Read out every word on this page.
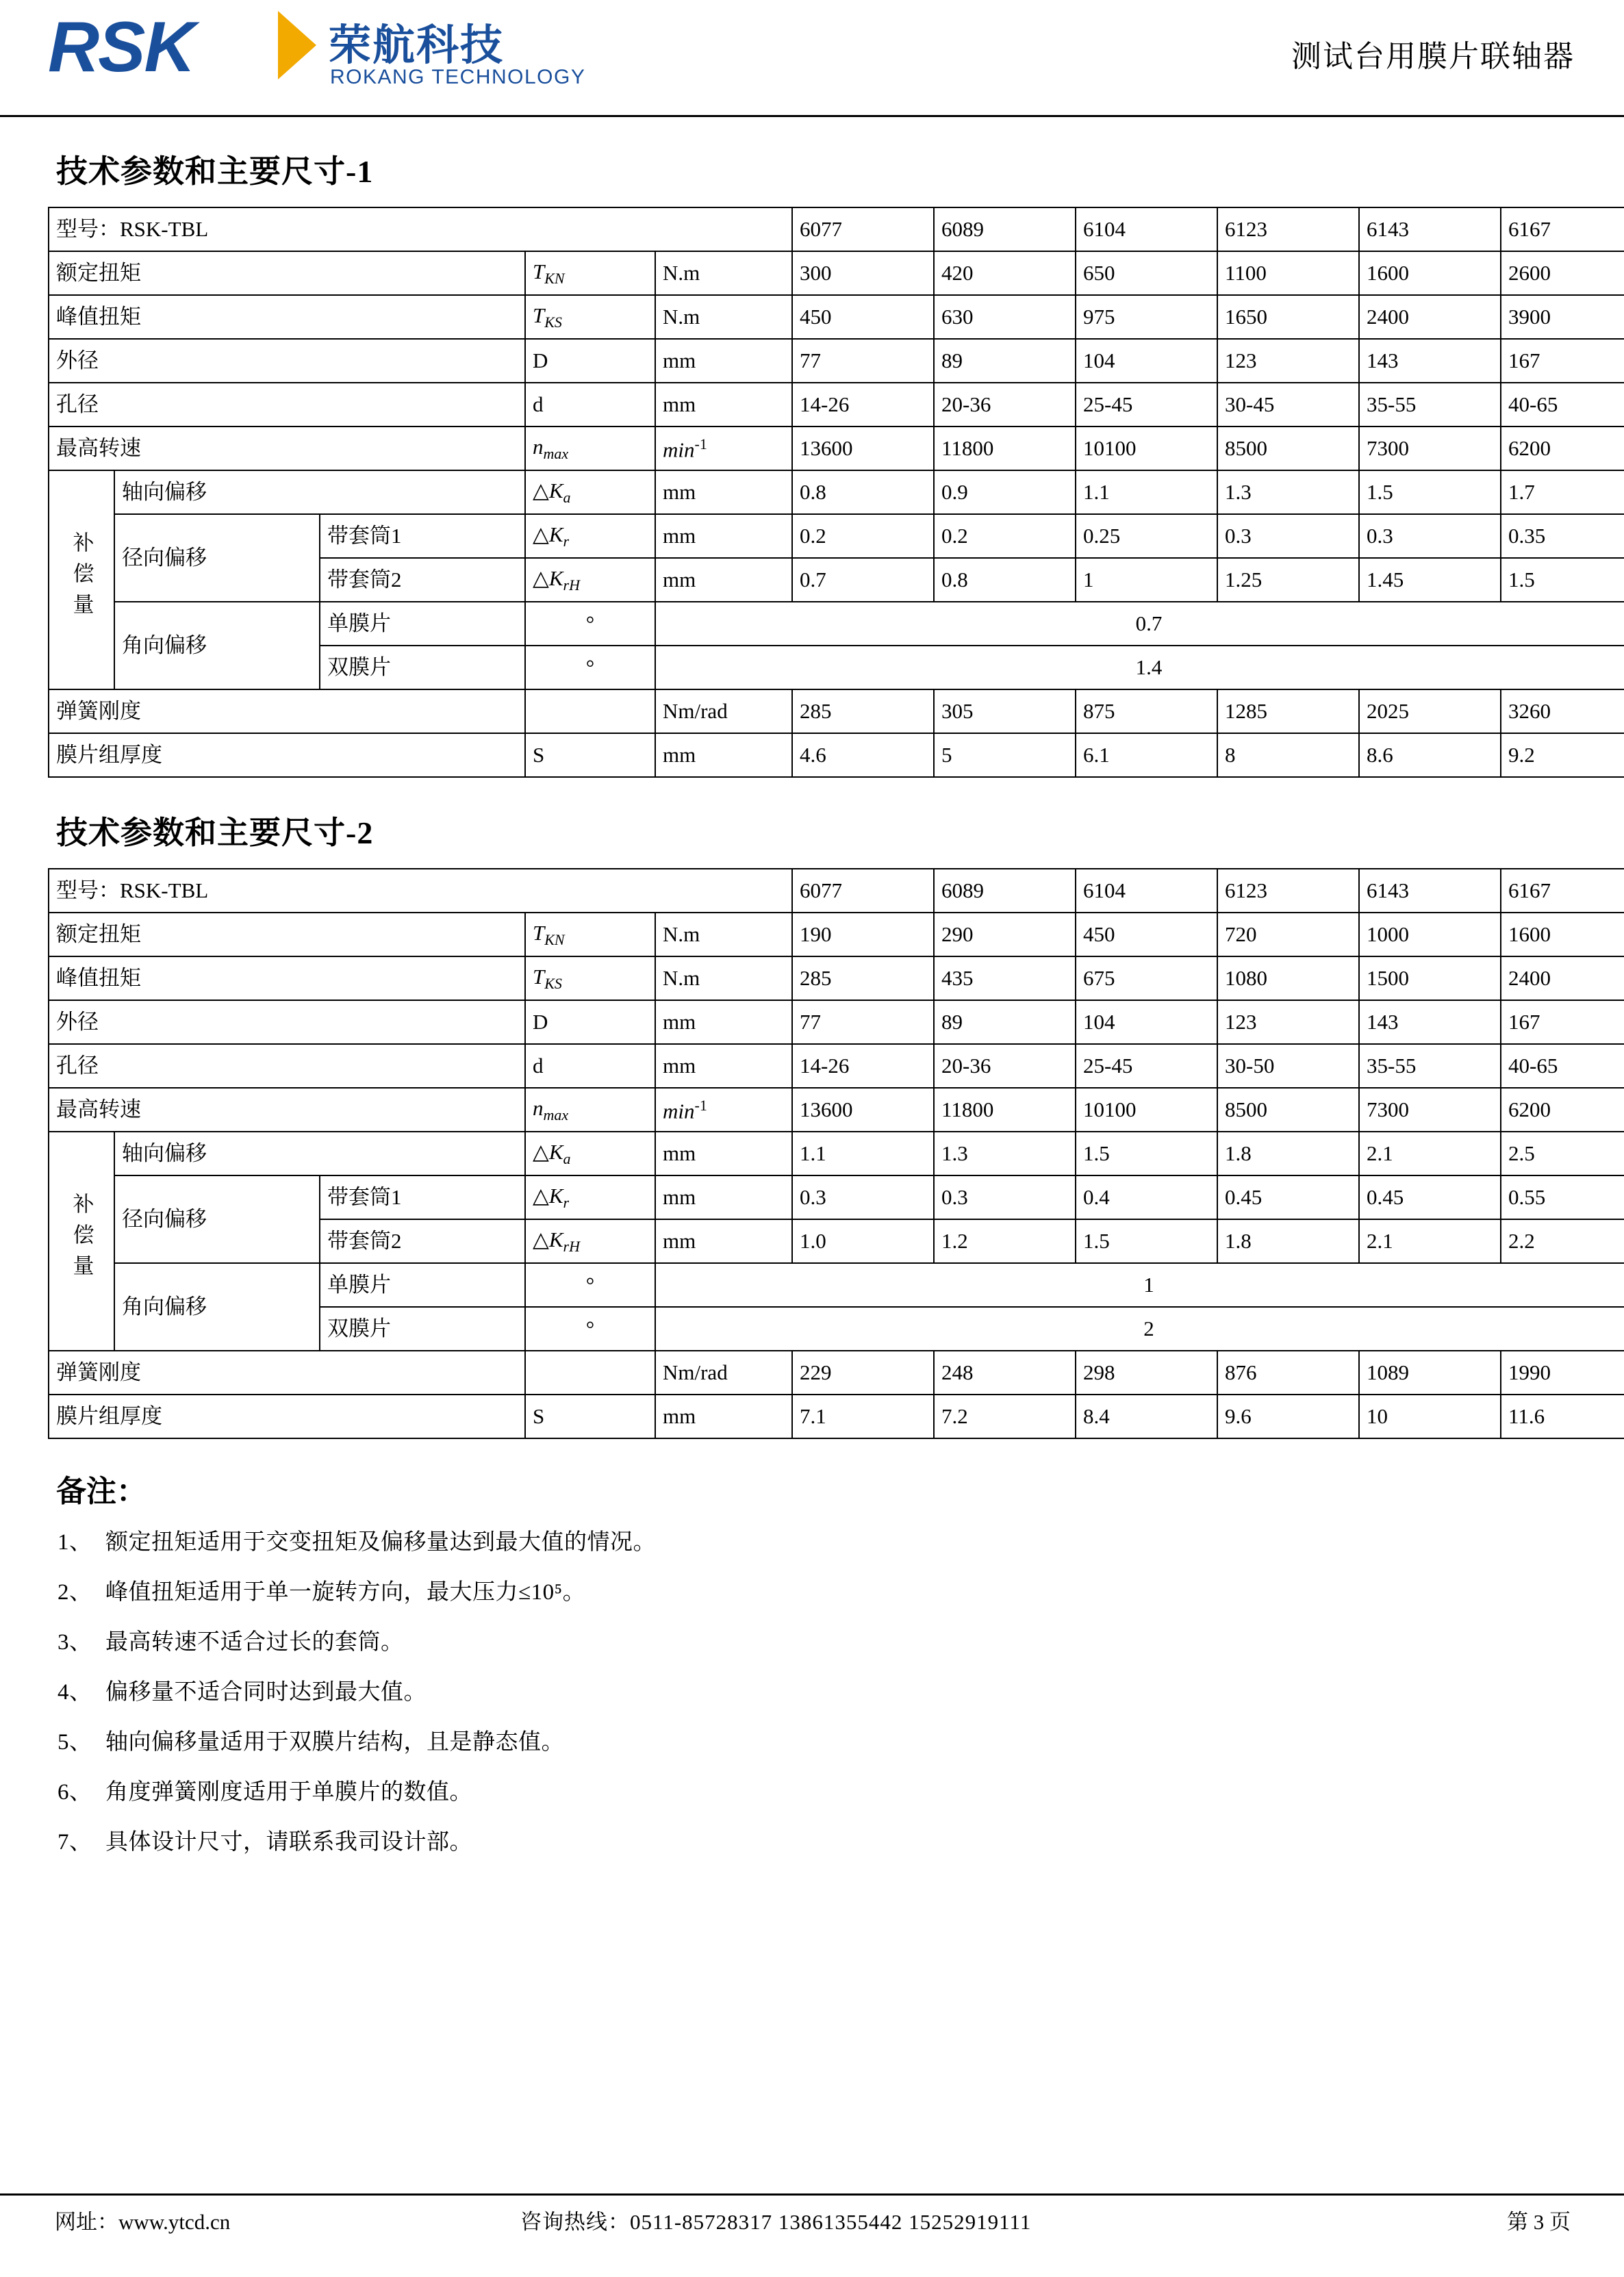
RSK	荣航科技
ROKANG TECHNOLOGY
测试台用膜片联轴器
技术参数和主要尺寸-1
型号：RSK-TBL					6077	6089	6104	6123	6143	6167
额定扭矩			$T_{KN}$	N.m	300	420	650	1100	1600	2600
峰值扭矩			$T_{KS}$	N.m	450	630	975	1650	2400	3900
外径			D	mm	77	89	104	123	143	167
孔径			d	mm	14-26	20-36	25-45	30-45	35-55	40-65
最高转速			$n_{max}$	$\min^{-1}$	13600	11800	10100	8500	7300	6200
补偿量	轴向偏移		$\triangle K_a$	mm	0.8	0.9	1.1	1.3	1.5	1.7
	径向偏移	带套筒1	$\triangle K_r$	mm	0.2	0.2	0.25	0.3	0.3	0.35
		带套筒2	$\triangle K_{rH}$	mm	0.7	0.8	1	1.25	1.45	1.5
	角向偏移	单膜片	°	0.7						
		双膜片	°	1.4						
弹簧刚度				Nm/rad	285	305	875	1285	2025	3260
膜片组厚度			S	mm	4.6	5	6.1	8	8.6	9.2
技术参数和主要尺寸-2
型号：RSK-TBL					6077	6089	6104	6123	6143	6167
额定扭矩			$T_{KN}$	N.m	190	290	450	720	1000	1600
峰值扭矩			$T_{KS}$	N.m	285	435	675	1080	1500	2400
外径			D	mm	77	89	104	123	143	167
孔径			d	mm	14-26	20-36	25-45	30-50	35-55	40-65
最高转速			$n_{max}$	$\min^{-1}$	13600	11800	10100	8500	7300	6200
补偿量	轴向偏移		$\triangle K_a$	mm	1.1	1.3	1.5	1.8	2.1	2.5
	径向偏移	带套筒1	$\triangle K_r$	mm	0.3	0.3	0.4	0.45	0.45	0.55
		带套筒2	$\triangle K_{rH}$	mm	1.0	1.2	1.5	1.8	2.1	2.2
	角向偏移	单膜片	°	1						
		双膜片	°	2						
弹簧刚度				Nm/rad	229	248	298	876	1089	1990
膜片组厚度			S	mm	7.1	7.2	8.4	9.6	10	11.6
备注：
1、 额定扭矩适用于交变扭矩及偏移量达到最大值的情况。
2、 峰值扭矩适用于单一旋转方向，最大压力≤10⁵。
3、 最高转速不适合过长的套筒。
4、 偏移量不适合同时达到最大值。
5、 轴向偏移量适用于双膜片结构，且是静态值。
6、 角度弹簧刚度适用于单膜片的数值。
7、 具体设计尺寸，请联系我司设计部。
网址：www.ytcd.cn	咨询热线：0511-85728317 13861355442 15252919111	第 3 页
